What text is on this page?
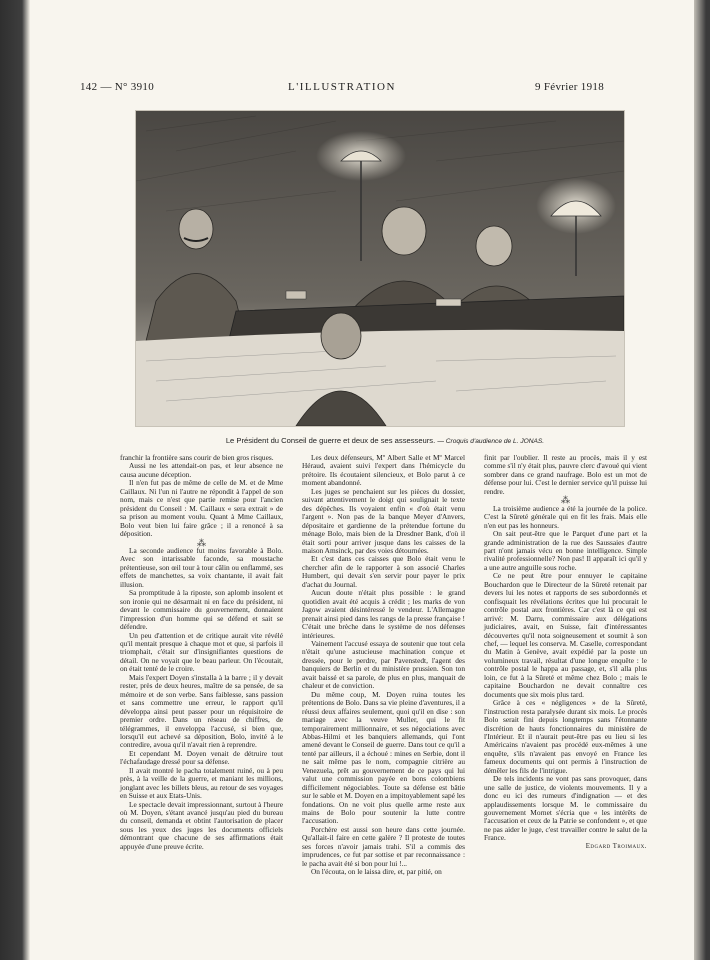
142 — N° 3910	L'ILLUSTRATION	9 Février 1918
Le Président du Conseil de guerre et deux de ses assesseurs. — Croquis d'audience de L. JONAS.

franchir la frontière sans courir de bien gros risques.

Aussi ne les attendait-on pas, et leur absence ne causa aucune déception.

Il n'en fut pas de même de celle de M. et de Mme Caillaux. Ni l'un ni l'autre ne répondit à l'appel de son nom, mais ce n'est que partie remise pour l'ancien président du Conseil : M. Caillaux « sera extrait » de sa prison au moment voulu. Quant à Mme Caillaux, Bolo veut bien lui faire grâce ; il a renoncé à sa déposition.

⁂

La seconde audience fut moins favorable à Bolo. Avec son intarissable faconde, sa moustache prétentieuse, son œil tour à tour câlin ou enflammé, ses effets de manchettes, sa voix chantante, il avait fait illusion.

Sa promptitude à la riposte, son aplomb insolent et son ironie qui ne désarmait ni en face du président, ni devant le commissaire du gouvernement, donnaient l'impression d'un homme qui se défend et sait se défendre.

Un peu d'attention et de critique aurait vite révélé qu'il mentait presque à chaque mot et que, si parfois il triomphait, c'était sur d'insignifiantes questions de détail. On ne voyait que le beau parleur. On l'écoutait, on était tenté de le croire.

Mais l'expert Doyen s'installa à la barre ; il y devait rester, près de deux heures, maître de sa pensée, de sa mémoire et de son verbe. Sans faiblesse, sans passion et sans commettre une erreur, le rapport qu'il développa ainsi peut passer pour un réquisitoire de premier ordre. Dans un réseau de chiffres, de télégrammes, il enveloppa l'accusé, si bien que, lorsqu'il eut achevé sa déposition, Bolo, invité à le contredire, avoua qu'il n'avait rien à reprendre.

Et cependant M. Doyen venait de détruire tout l'échafaudage dressé pour sa défense.

Il avait montré le pacha totalement ruiné, ou à peu près, à la veille de la guerre, et maniant les millions, jonglant avec les billets bleus, au retour de ses voyages en Suisse et aux Etats-Unis.

Le spectacle devait impressionnant, surtout à l'heure où M. Doyen, s'étant avancé jusqu'au pied du bureau du conseil, demanda et obtint l'autorisation de placer sous les yeux des juges les documents officiels démontrant que chacune de ses affirmations était appuyée d'une preuve écrite.

Les deux défenseurs, Mº Albert Salle et Mº Marcel Héraud, avaient suivi l'expert dans l'hémicycle du prétoire. Ils écoutaient silencieux, et Bolo parut à ce moment abandonné.

Les juges se penchaient sur les pièces du dossier, suivant attentivement le doigt qui soulignait le texte des dépêches. Ils voyaient enfin « d'où était venu l'argent ». Non pas de la banque Meyer d'Anvers, dépositaire et gardienne de la prétendue fortune du ménage Bolo, mais bien de la Dresdner Bank, d'où il était sorti pour arriver jusque dans les caisses de la maison Amsinck, par des voies détournées.

Et c'est dans ces caisses que Bolo était venu le chercher afin de le rapporter à son associé Charles Humbert, qui devait s'en servir pour payer le prix d'achat du Journal.

Aucun doute n'était plus possible : le grand quotidien avait été acquis à crédit ; les marks de von Jagow avaient désintéressé le vendeur. L'Allemagne prenait ainsi pied dans les rangs de la presse française ! C'était une brèche dans le système de nos défenses intérieures.

Vainement l'accusé essaya de soutenir que tout cela n'était qu'une astucieuse machination conçue et dressée, pour le perdre, par Pavenstedt, l'agent des banquiers de Berlin et du ministère prussien. Son ton avait baissé et sa parole, de plus en plus, manquait de chaleur et de conviction.

Du même coup, M. Doyen ruina toutes les prétentions de Bolo. Dans sa vie pleine d'aventures, il a réussi deux affaires seulement, quoi qu'il en dise : son mariage avec la veuve Muller, qui le fit temporairement millionnaire, et ses négociations avec Abbas-Hilmi et les banquiers allemands, qui l'ont amené devant le Conseil de guerre. Dans tout ce qu'il a tenté par ailleurs, il a échoué : mines en Serbie, dont il ne sait même pas le nom, compagnie citrière au Venezuela, prêt au gouvernement de ce pays qui lui valut une commission payée en bons colombiens difficilement négociables. Toute sa défense est bâtie sur le sable et M. Doyen en a impitoyablement sapé les fondations. On ne voit plus quelle arme reste aux mains de Bolo pour soutenir la lutte contre l'accusation.

Porchère est aussi son heure dans cette journée. Qu'allait-il faire en cette galère ? Il proteste de toutes ses forces n'avoir jamais trahi. S'il a commis des imprudences, ce fut par sottise et par reconnaissance : le pacha avait été si bon pour lui !...

On l'écouta, on le laissa dire, et, par pitié, on

finit par l'oublier. Il reste au procès, mais il y est comme s'il n'y était plus, pauvre clerc d'avoué qui vient sombrer dans ce grand naufrage. Bolo est un mot de défense pour lui. C'est le dernier service qu'il puisse lui rendre.

⁂

La troisième audience a été la journée de la police. C'est la Sûreté générale qui en fit les frais. Mais elle n'en eut pas les honneurs.

On sait peut-être que le Parquet d'une part et la grande administration de la rue des Saussaies d'autre part n'ont jamais vécu en bonne intelligence. Simple rivalité professionnelle? Non pas! Il apparaît ici qu'il y a une autre anguille sous roche.

Ce ne peut être pour ennuyer le capitaine Bouchardon que le Directeur de la Sûreté retenait par devers lui les notes et rapports de ses subordonnés et confisquait les révélations écrites que lui procurait le contrôle postal aux frontières. Car c'est là ce qui est arrivé: M. Darru, commissaire aux délégations judiciaires, avait, en Suisse, fait d'intéressantes découvertes qu'il nota soigneusement et soumit à son chef, — lequel les conserva. M. Caselle, correspondant du Matin à Genève, avait expédié par la poste un volumineux travail, résultat d'une longue enquête : le contrôle postal le happa au passage, et, s'il alla plus loin, ce fut à la Sûreté et même chez Bolo ; mais le capitaine Bouchardon ne devait connaître ces documents que six mois plus tard.

Grâce à ces « négligences » de la Sûreté, l'instruction resta paralysée durant six mois. Le procès Bolo serait fini depuis longtemps sans l'étonnante discrétion de hauts fonctionnaires du ministère de l'Intérieur. Et il n'aurait peut-être pas eu lieu si les Américains n'avaient pas procédé eux-mêmes à une enquête, s'ils n'avaient pas envoyé en France les fameux documents qui ont permis à l'instruction de démêler les fils de l'intrigue.

De tels incidents ne vont pas sans provoquer, dans une salle de justice, de violents mouvements. Il y a donc eu ici des rumeurs d'indignation — et des applaudissements lorsque M. le commissaire du gouvernement Mornet s'écria que « les intérêts de l'accusation et ceux de la Patrie se confondent », et que ne pas aider le juge, c'est travailler contre le salut de la France.

Edgard Troimaux.
